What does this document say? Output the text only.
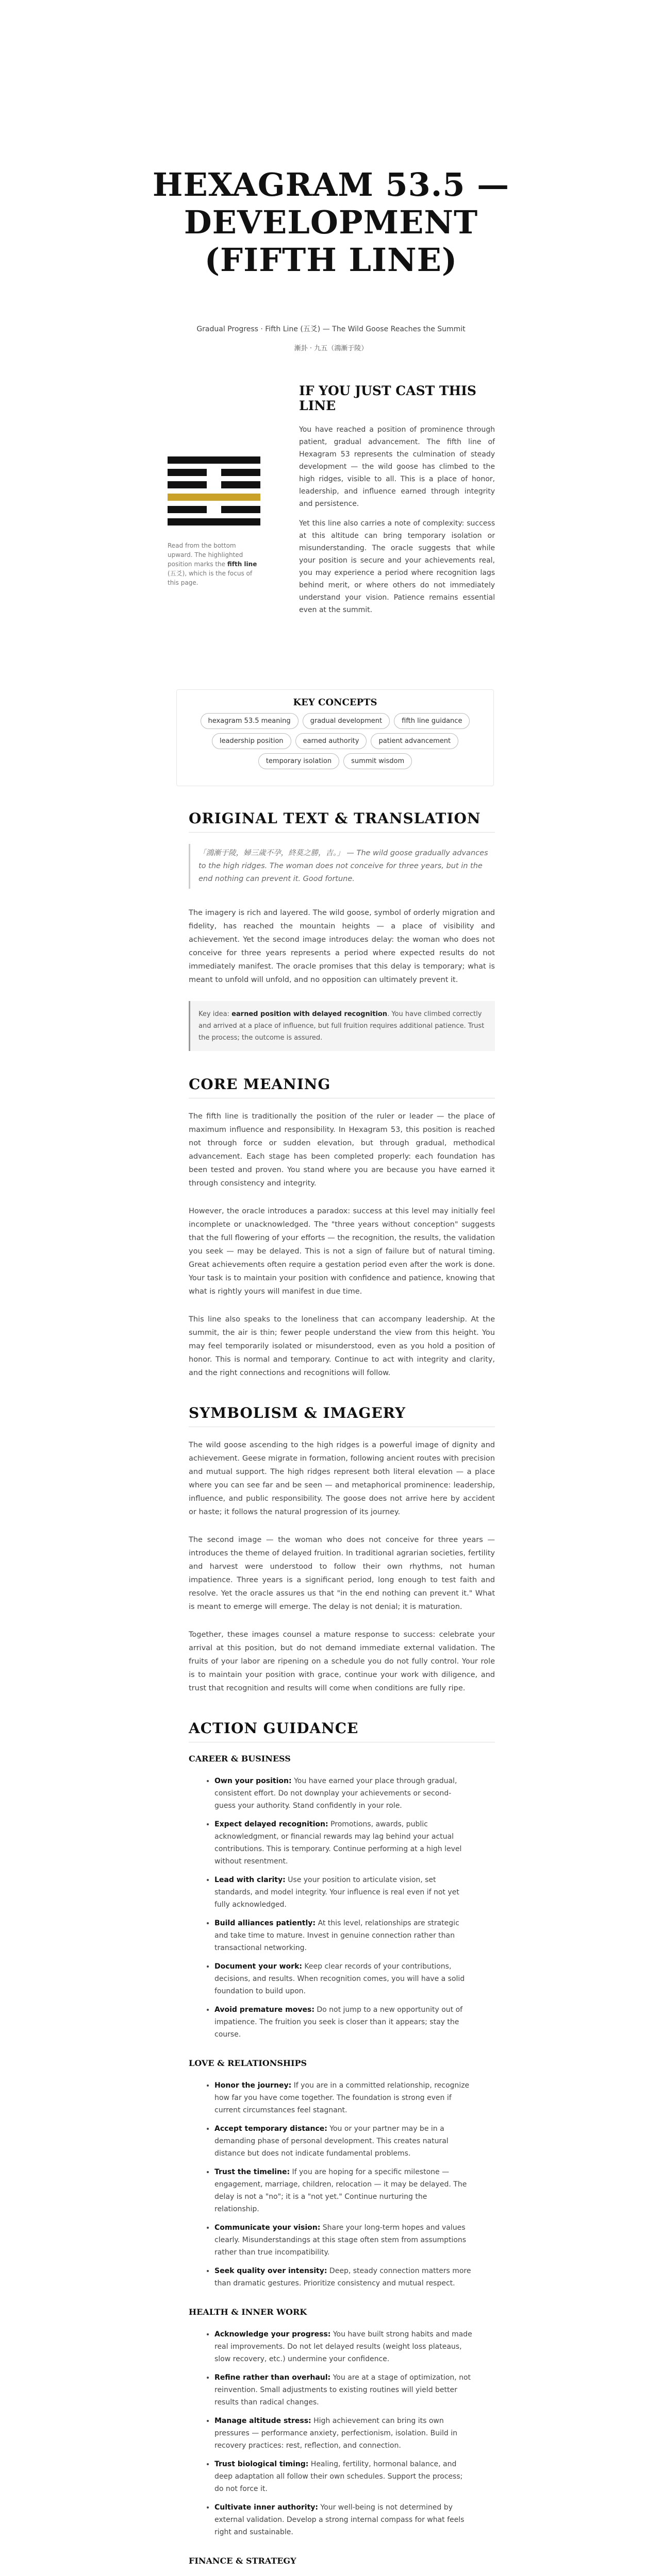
HEXAGRAM 53.5 — DEVELOPMENT (FIFTH LINE)
Gradual Progress · Fifth Line (五爻) — The Wild Goose Reaches the Summit
漸卦 · 九五（鴻漸于陵）
Read from the bottom upward. The highlighted position marks the fifth line (五爻), which is the focus of this page.
IF YOU JUST CAST THIS LINE

You have reached a position of prominence through patient, gradual advancement. The fifth line of Hexagram 53 represents the culmination of steady development — the wild goose has climbed to the high ridges, visible to all. This is a place of honor, leadership, and influence earned through integrity and persistence.

Yet this line also carries a note of complexity: success at this altitude can bring temporary isolation or misunderstanding. The oracle suggests that while your position is secure and your achievements real, you may experience a period where recognition lags behind merit, or where others do not immediately understand your vision. Patience remains essential even at the summit.

KEY CONCEPTS
hexagram 53.5 meaning	gradual development	fifth line guidance
leadership position	earned authority	patient advancement
temporary isolation	summit wisdom
ORIGINAL TEXT & TRANSLATION
「鴻漸于陵，婦三歲不孕，終莫之勝，吉。」 — The wild goose gradually advances to the high ridges. The woman does not conceive for three years, but in the end nothing can prevent it. Good fortune.

The imagery is rich and layered. The wild goose, symbol of orderly migration and fidelity, has reached the mountain heights — a place of visibility and achievement. Yet the second image introduces delay: the woman who does not conceive for three years represents a period where expected results do not immediately manifest. The oracle promises that this delay is temporary; what is meant to unfold will unfold, and no opposition can ultimately prevent it.

Key idea: earned position with delayed recognition. You have climbed correctly and arrived at a place of influence, but full fruition requires additional patience. Trust the process; the outcome is assured.
CORE MEANING

The fifth line is traditionally the position of the ruler or leader — the place of maximum influence and responsibility. In Hexagram 53, this position is reached not through force or sudden elevation, but through gradual, methodical advancement. Each stage has been completed properly: each foundation has been tested and proven. You stand where you are because you have earned it through consistency and integrity.

However, the oracle introduces a paradox: success at this level may initially feel incomplete or unacknowledged. The "three years without conception" suggests that the full flowering of your efforts — the recognition, the results, the validation you seek — may be delayed. This is not a sign of failure but of natural timing. Great achievements often require a gestation period even after the work is done. Your task is to maintain your position with confidence and patience, knowing that what is rightly yours will manifest in due time.

This line also speaks to the loneliness that can accompany leadership. At the summit, the air is thin; fewer people understand the view from this height. You may feel temporarily isolated or misunderstood, even as you hold a position of honor. This is normal and temporary. Continue to act with integrity and clarity, and the right connections and recognitions will follow.

SYMBOLISM & IMAGERY

The wild goose ascending to the high ridges is a powerful image of dignity and achievement. Geese migrate in formation, following ancient routes with precision and mutual support. The high ridges represent both literal elevation — a place where you can see far and be seen — and metaphorical prominence: leadership, influence, and public responsibility. The goose does not arrive here by accident or haste; it follows the natural progression of its journey.

The second image — the woman who does not conceive for three years — introduces the theme of delayed fruition. In traditional agrarian societies, fertility and harvest were understood to follow their own rhythms, not human impatience. Three years is a significant period, long enough to test faith and resolve. Yet the oracle assures us that "in the end nothing can prevent it." What is meant to emerge will emerge. The delay is not denial; it is maturation.

Together, these images counsel a mature response to success: celebrate your arrival at this position, but do not demand immediate external validation. The fruits of your labor are ripening on a schedule you do not fully control. Your role is to maintain your position with grace, continue your work with diligence, and trust that recognition and results will come when conditions are fully ripe.

ACTION GUIDANCE
CAREER & BUSINESS
• Own your position: You have earned your place through gradual, consistent effort. Do not downplay your achievements or second-guess your authority. Stand confidently in your role.
• Expect delayed recognition: Promotions, awards, public acknowledgment, or financial rewards may lag behind your actual contributions. This is temporary. Continue performing at a high level without resentment.
• Lead with clarity: Use your position to articulate vision, set standards, and model integrity. Your influence is real even if not yet fully acknowledged.
• Build alliances patiently: At this level, relationships are strategic and take time to mature. Invest in genuine connection rather than transactional networking.
• Document your work: Keep clear records of your contributions, decisions, and results. When recognition comes, you will have a solid foundation to build upon.
• Avoid premature moves: Do not jump to a new opportunity out of impatience. The fruition you seek is closer than it appears; stay the course.
LOVE & RELATIONSHIPS
• Honor the journey: If you are in a committed relationship, recognize how far you have come together. The foundation is strong even if current circumstances feel stagnant.
• Accept temporary distance: You or your partner may be in a demanding phase of personal development. This creates natural distance but does not indicate fundamental problems.
• Trust the timeline: If you are hoping for a specific milestone — engagement, marriage, children, relocation — it may be delayed. The delay is not a "no"; it is a "not yet." Continue nurturing the relationship.
• Communicate your vision: Share your long-term hopes and values clearly. Misunderstandings at this stage often stem from assumptions rather than true incompatibility.
• Seek quality over intensity: Deep, steady connection matters more than dramatic gestures. Prioritize consistency and mutual respect.
HEALTH & INNER WORK
• Acknowledge your progress: You have built strong habits and made real improvements. Do not let delayed results (weight loss plateaus, slow recovery, etc.) undermine your confidence.
• Refine rather than overhaul: You are at a stage of optimization, not reinvention. Small adjustments to existing routines will yield better results than radical changes.
• Manage altitude stress: High achievement can bring its own pressures — performance anxiety, perfectionism, isolation. Build in recovery practices: rest, reflection, and connection.
• Trust biological timing: Healing, fertility, hormonal balance, and deep adaptation all follow their own schedules. Support the process; do not force it.
• Cultivate inner authority: Your well-being is not determined by external validation. Develop a strong internal compass for what feels right and sustainable.
FINANCE & STRATEGY
